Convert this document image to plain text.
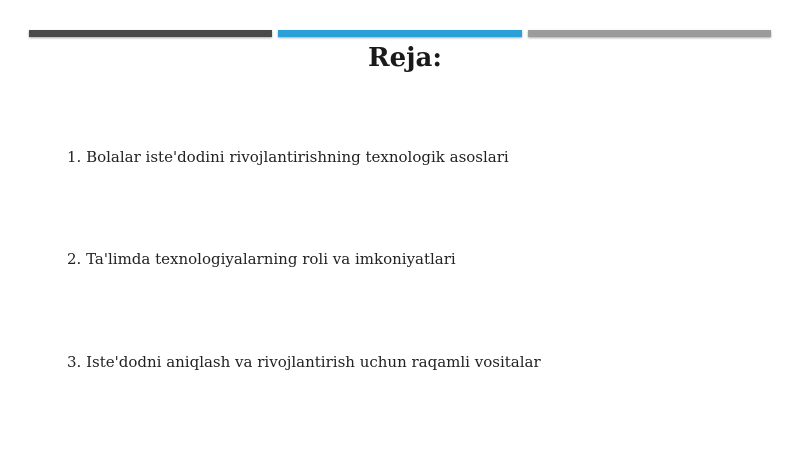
Reja:
1. Bolalar iste'dodini rivojlantirishning texnologik asoslari
2. Ta'limda texnologiyalarning roli va imkoniyatlari
3. Iste'dodni aniqlash va rivojlantirish uchun raqamli vositalar
